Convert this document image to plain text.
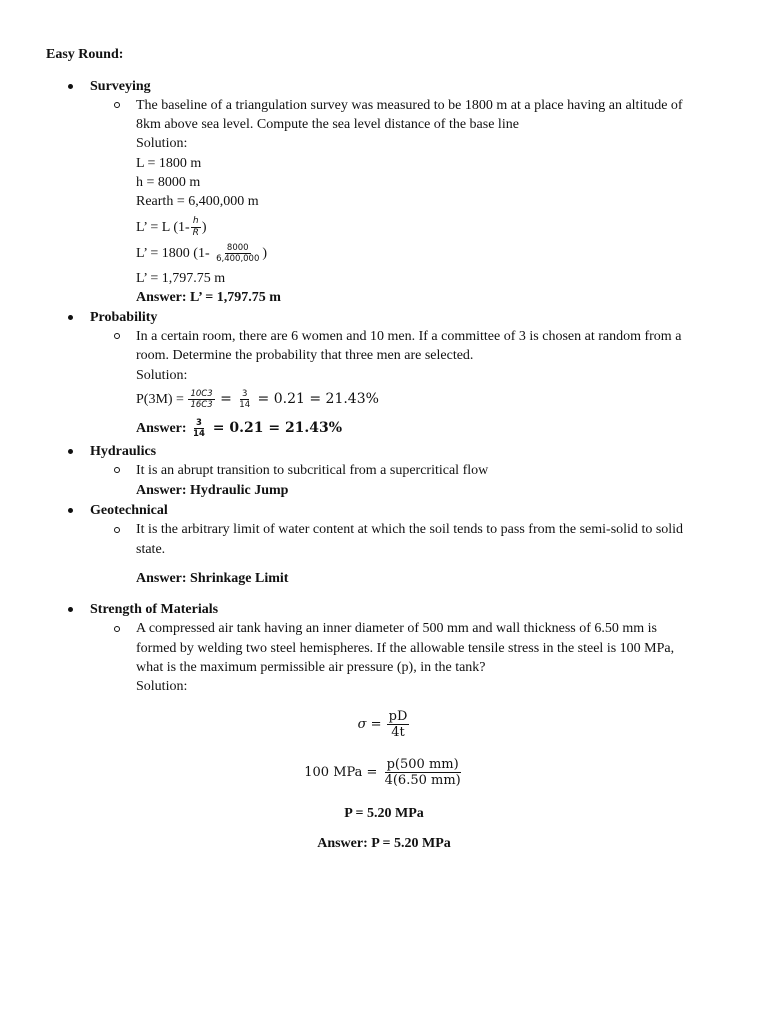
Easy Round:
Surveying
The baseline of a triangulation survey was measured to be 1800 m at a place having an altitude of
8km above sea level. Compute the sea level distance of the base line
Solution:
L = 1800 m
h = 8000 m
Rearth = 6,400,000 m
L’ = L ($1- \frac{h}{R}$ )
L’ = 1800 ($1- \frac{8000}{6,400,000}$ )
L’ = 1,797.75 m
Answer: L’ = 1,797.75 m
Probability
In a certain room, there are 6 women and 10 men. If a committee of 3 is chosen at random from a
room. Determine the probability that three men are selected.
Solution:
$P(3M) = \frac{10C3}{16C3} = \frac{3}{14} = 0.21 = 21.43\%$
Answer: $\frac{3}{14} = 0.21 = 21.43\%$
Hydraulics
It is an abrupt transition to subcritical from a supercritical flow
Answer: Hydraulic Jump
Geotechnical
It is the arbitrary limit of water content at which the soil tends to pass from the semi-solid to solid
state.
Answer: Shrinkage Limit
Strength of Materials
A compressed air tank having an inner diameter of 500 mm and wall thickness of 6.50 mm is
formed by welding two steel hemispheres. If the allowable tensile stress in the steel is 100 MPa,
what is the maximum permissible air pressure (p), in the tank?
Solution:
$\sigma = \frac{pD}{4t}$
100 MPa = $\frac{p(500 mm)}{4(6.50 mm)}$
P = 5.20 MPa
Answer: P = 5.20 MPa
